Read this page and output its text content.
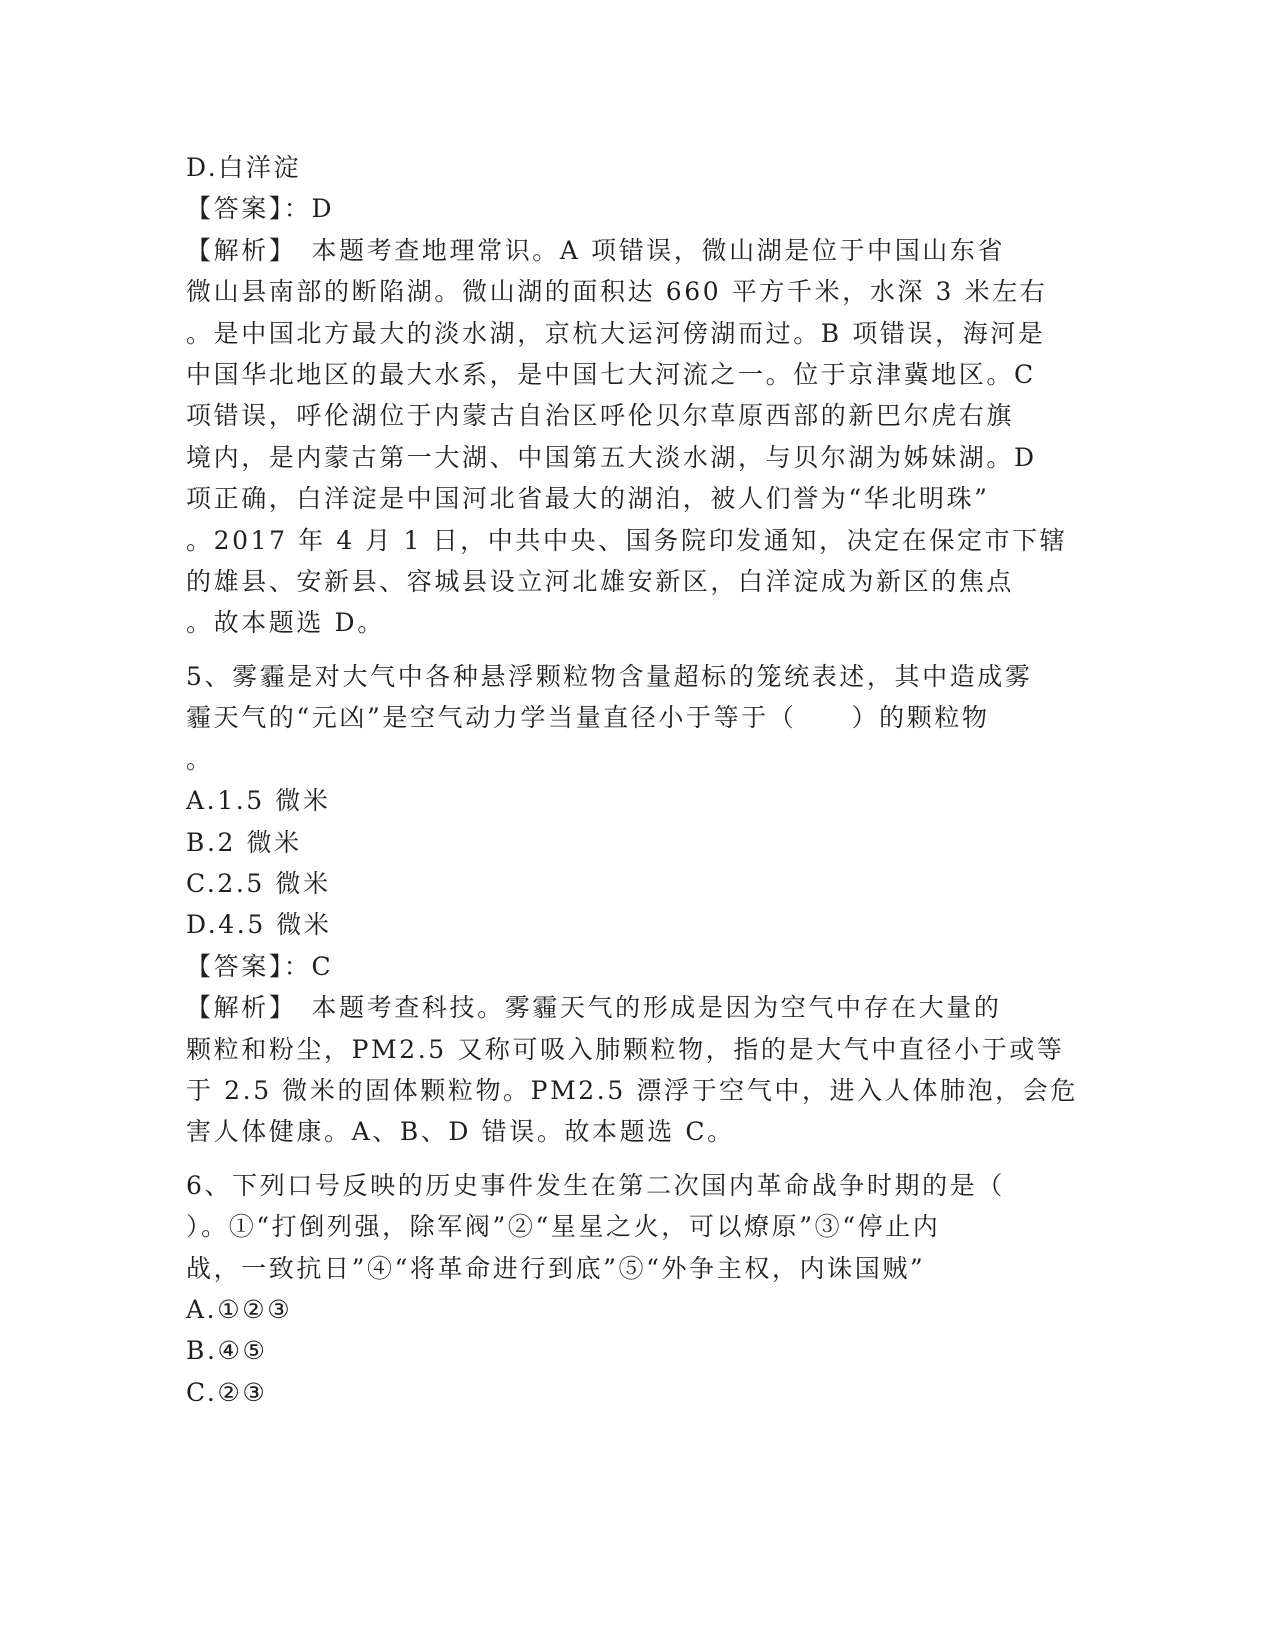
D.白洋淀
【答案】：D
【解析】　本题考查地理常识。A 项错误，微山湖是位于中国山东省
微山县南部的断陷湖。微山湖的面积达 660 平方千米，水深 3 米左右
。是中国北方最大的淡水湖，京杭大运河傍湖而过。B 项错误，海河是
中国华北地区的最大水系，是中国七大河流之一。位于京津冀地区。C
项错误，呼伦湖位于内蒙古自治区呼伦贝尔草原西部的新巴尔虎右旗
境内，是内蒙古第一大湖、中国第五大淡水湖，与贝尔湖为姊妹湖。D
项正确，白洋淀是中国河北省最大的湖泊，被人们誉为“华北明珠”
。2017 年 4 月 1 日，中共中央、国务院印发通知，决定在保定市下辖
的雄县、安新县、容城县设立河北雄安新区，白洋淀成为新区的焦点
。故本题选 D。
5、雾霾是对大气中各种悬浮颗粒物含量超标的笼统表述，其中造成雾
霾天气的“元凶”是空气动力学当量直径小于等于（　　）的颗粒物
。
A.1.5 微米
B.2 微米
C.2.5 微米
D.4.5 微米
【答案】：C
【解析】　本题考查科技。雾霾天气的形成是因为空气中存在大量的
颗粒和粉尘，PM2.5 又称可吸入肺颗粒物，指的是大气中直径小于或等
于 2.5 微米的固体颗粒物。PM2.5 漂浮于空气中，进入人体肺泡，会危
害人体健康。A、B、D 错误。故本题选 C。
6、下列口号反映的历史事件发生在第二次国内革命战争时期的是（
）。①“打倒列强，除军阀”②“星星之火，可以燎原”③“停止内
战，一致抗日”④“将革命进行到底”⑤“外争主权，内诛国贼”
A.①②③
B.④⑤
C.②③
